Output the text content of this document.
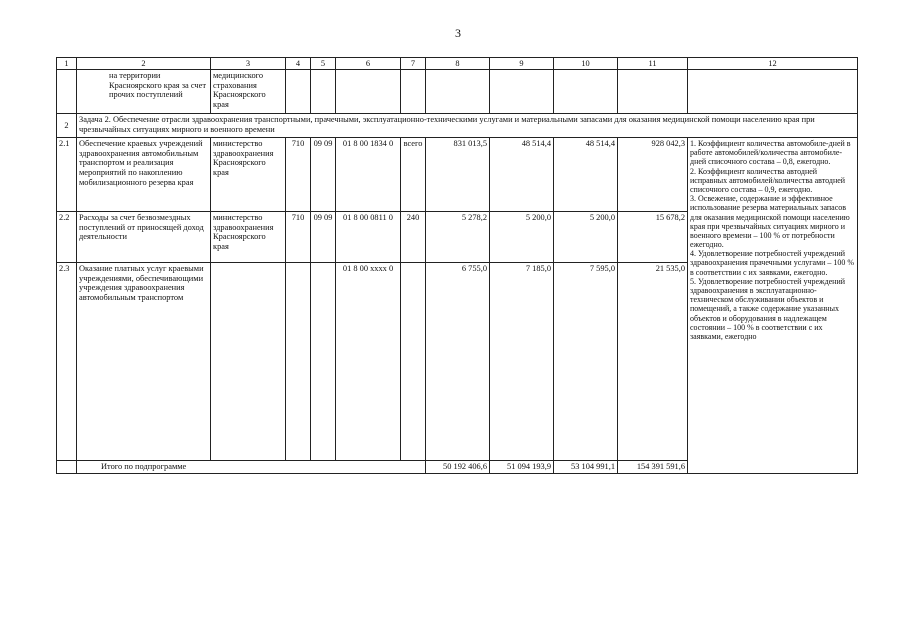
3
1	2	3	4	5	6	7	8	9	10	11	12
	на территории Красноярского края за счет прочих поступлений	медицинского страхования Красноярского края									
2	Задача 2. Обеспечение отрасли здравоохранения транспортными, прачечными, эксплуатационно-техническими услугами и материальными запасами для оказания медицинской помощи населению края при чрезвычайных ситуациях мирного и военного времени										
2.1	Обеспечение краевых учреждений здравоохранения автомобильным транспортом и реализация мероприятий по накоплению мобилизационного резерва края	министерство здравоохранения Красноярского края	710	09 09	01 8 00 1834 0	всего	831 013,5	48 514,4	48 514,4	928 042,3	1. Коэффициент количества автомобиле-дней в работе автомобилей/количества автомобиле-дней списочного состава – 0,8, ежегодно.
2. Коэффициент количества автодней исправных автомобилей/количества автодней списочного состава – 0,9, ежегодно.
3. Освежение, содержание и эффективное использование резерва материальных запасов для оказания медицинской помощи населению края при чрезвычайных ситуациях мирного и военного времени – 100 % от потребности ежегодно.
4. Удовлетворение потребностей учреждений здравоохранения прачечными услугами – 100 % в соответствии с их заявками, ежегодно.
5. Удовлетворение потребностей учреждений здравоохранения в эксплуатационно-техническом обслуживании объектов и помещений, а также содержание указанных объектов и оборудования в надлежащем состоянии – 100 % в соответствии с их заявками, ежегодно

2.2	Расходы за счет безвозмездных поступлений от приносящей доход деятельности	министерство здравоохранения Красноярского края	710	09 09	01 8 00 0811 0	240	5 278,2	5 200,0	5 200,0	15 678,2	
2.3	Оказание платных услуг краевыми учреждениями, обеспечивающими учреждения здравоохранения автомобильным транспортом				01 8 00 хххх 0		6 755,0	7 185,0	7 595,0	21 535,0	
	Итого по подпрограмме						50 192 406,6	51 094 193,9	53 104 991,1	154 391 591,6	
